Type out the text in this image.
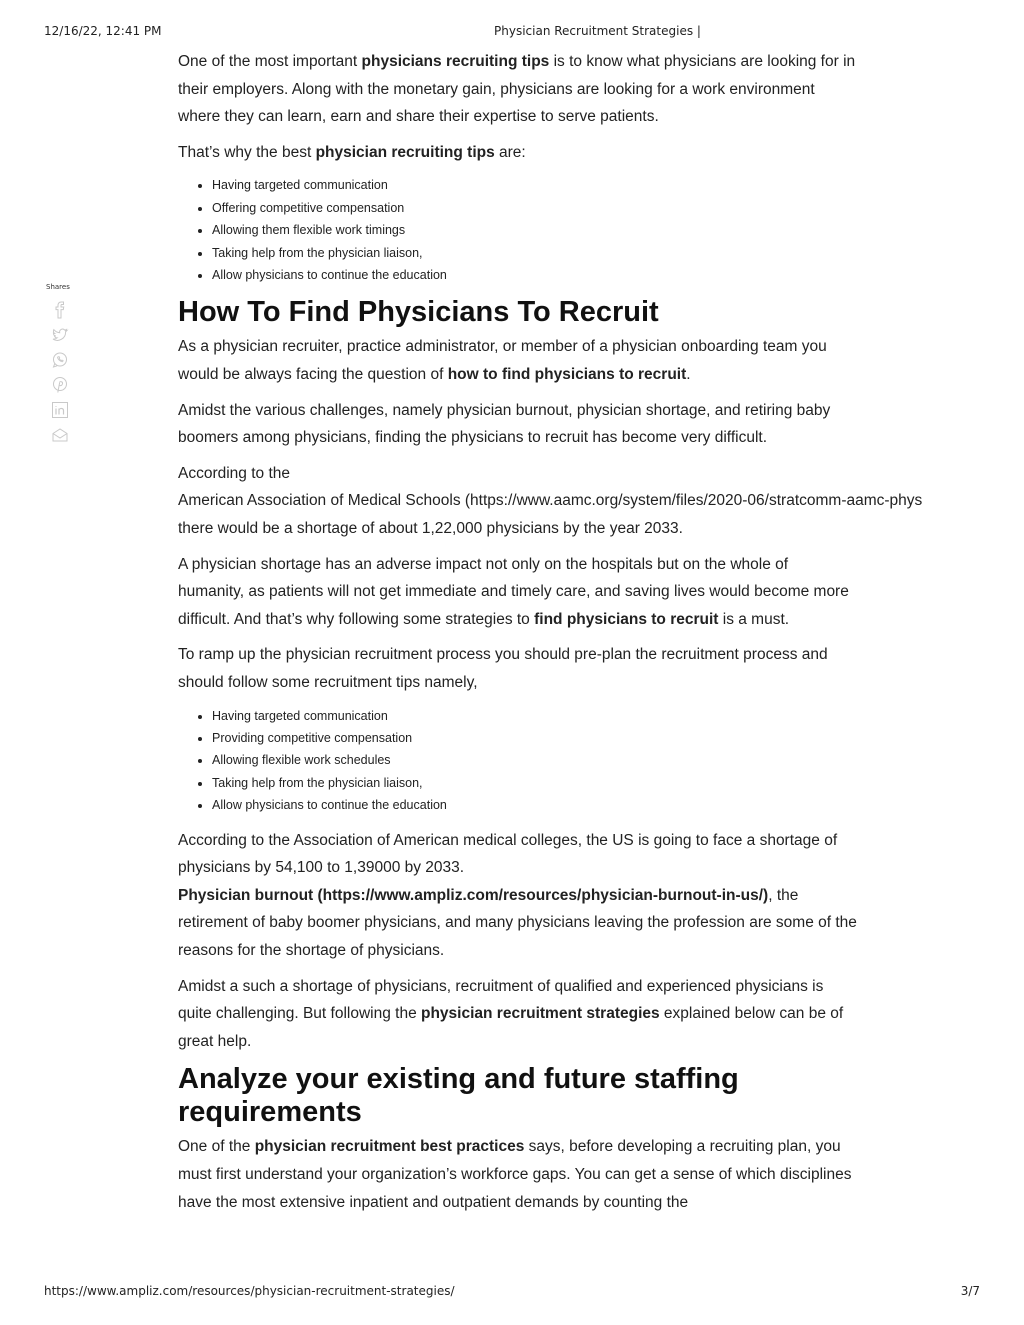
12/16/22, 12:41 PM	Physician Recruitment Strategies |
Shares

One of the most important physicians recruiting tips is to know what physicians are looking for in their employers. Along with the monetary gain, physicians are looking for a work environment where they can learn, earn and share their expertise to serve patients.

That’s why the best physician recruiting tips are:

• Having targeted communication
• Offering competitive compensation
• Allowing them flexible work timings
• Taking help from the physician liaison,
• Allow physicians to continue the education
How To Find Physicians To Recruit

As a physician recruiter, practice administrator, or member of a physician onboarding team you would be always facing the question of how to find physicians to recruit.

Amidst the various challenges, namely physician burnout, physician shortage, and retiring baby boomers among physicians, finding the physicians to recruit has become very difficult.

According to the
American Association of Medical Schools (https://www.aamc.org/system/files/2020-06/stratcomm-aamc-phys
there would be a shortage of about 1,22,000 physicians by the year 2033.

A physician shortage has an adverse impact not only on the hospitals but on the whole of humanity, as patients will not get immediate and timely care, and saving lives would become more difficult. And that’s why following some strategies to find physicians to recruit is a must.

To ramp up the physician recruitment process you should pre-plan the recruitment process and should follow some recruitment tips namely,

• Having targeted communication
• Providing competitive compensation
• Allowing flexible work schedules
• Taking help from the physician liaison,
• Allow physicians to continue the education

According to the Association of American medical colleges, the US is going to face a shortage of physicians by 54,100 to 1,39000 by 2033.

Physician burnout (https://www.ampliz.com/resources/physician-burnout-in-us/), the retirement of baby boomer physicians, and many physicians leaving the profession are some of the reasons for the shortage of physicians.

Amidst a such a shortage of physicians, recruitment of qualified and experienced physicians is quite challenging. But following the physician recruitment strategies explained below can be of great help.

Analyze your existing and future staffing requirements

One of the physician recruitment best practices says, before developing a recruiting plan, you must first understand your organization’s workforce gaps. You can get a sense of which disciplines have the most extensive inpatient and outpatient demands by counting the

https://www.ampliz.com/resources/physician-recruitment-strategies/	3/7
